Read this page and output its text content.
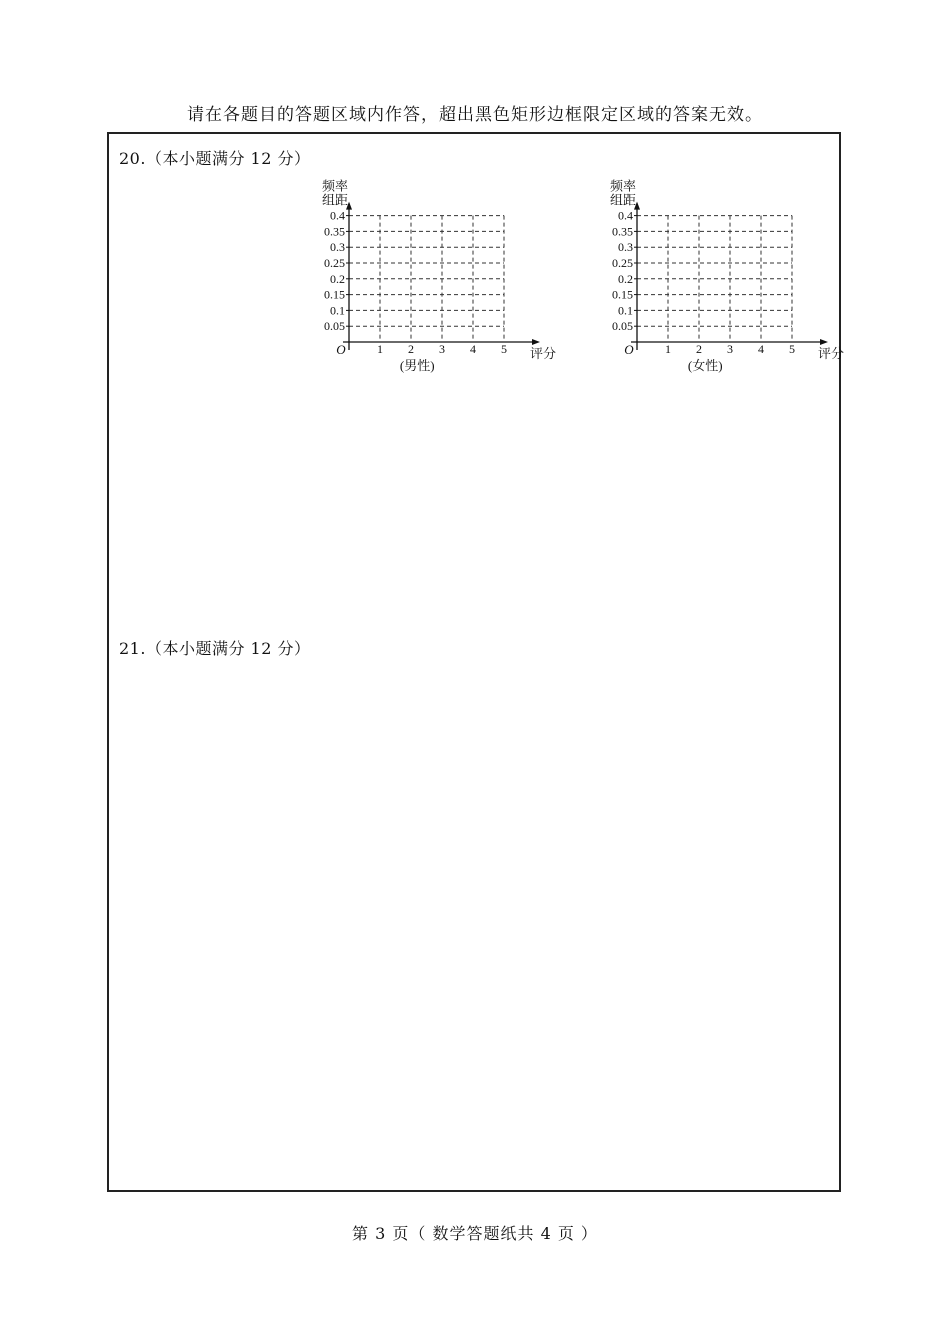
请在各题目的答题区域内作答，超出黑色矩形边框限定区域的答案无效。
20.（本小题满分 12 分）
0.05
0.1
0.15
0.2
0.25
0.3
0.35
0.4
1 2 3 4 5
O
频率
组距
评分
(男性)
0.05
0.1
0.15
0.2
0.25
0.3
0.35
0.4
1 2 3 4 5
O
频率
组距
评分
(女性)
21.（本小题满分 12 分）
第 3 页（ 数学答题纸共 4 页 ）
